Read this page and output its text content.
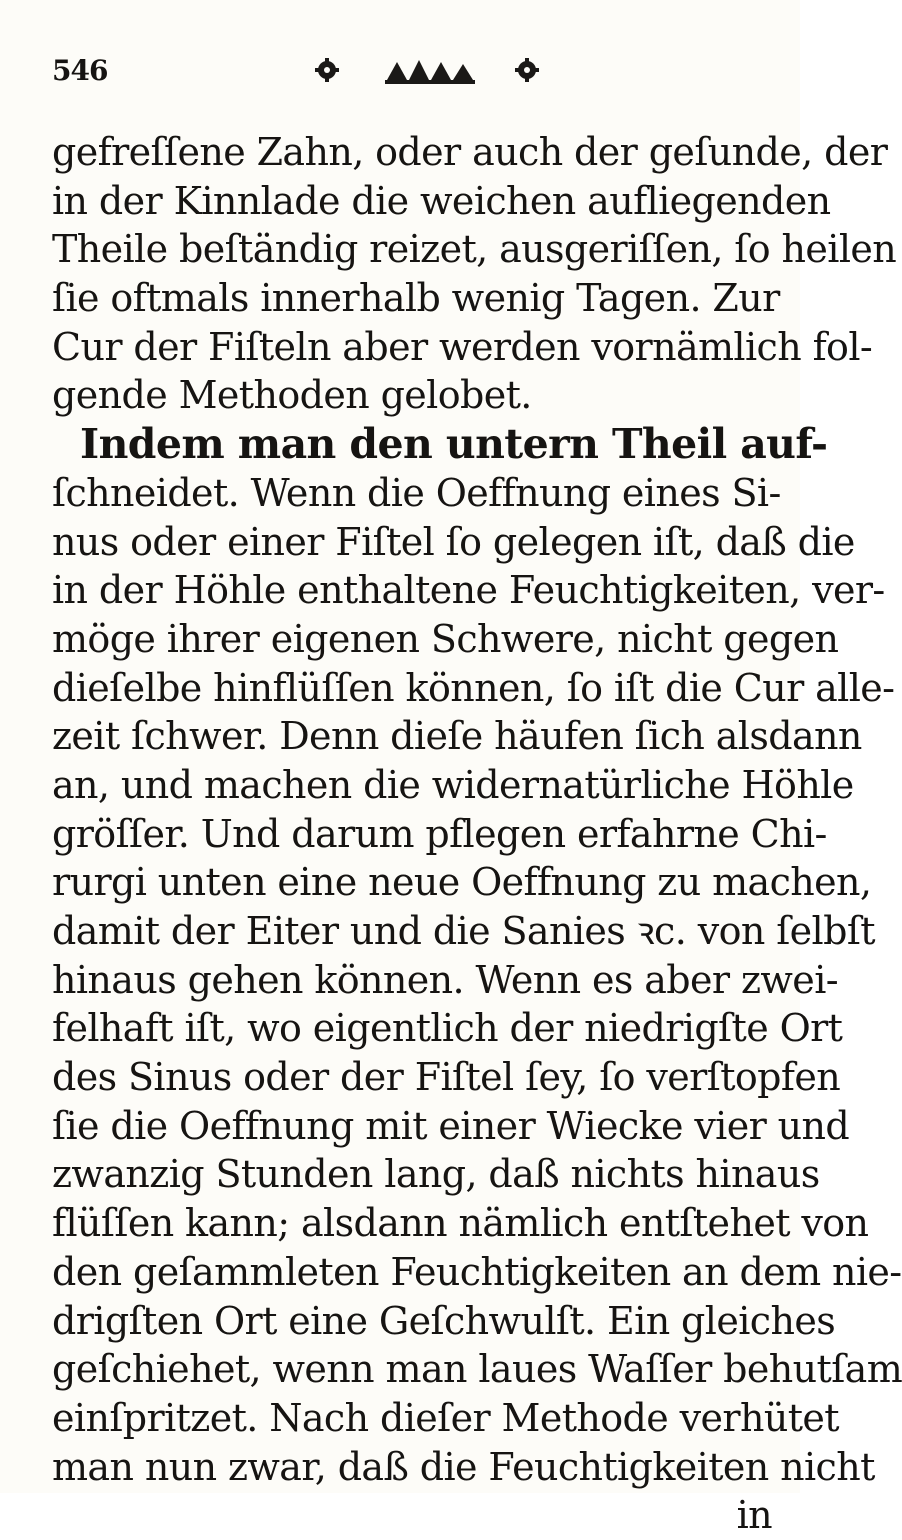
546
gefreſſene Zahn, oder auch der geſunde, der
in der Kinnlade die weichen aufliegenden
Theile beſtändig reizet, ausgeriſſen, ſo heilen
ſie oftmals innerhalb wenig Tagen. Zur
Cur der Fiſteln aber werden vornämlich fol-
gende Methoden gelobet.
Indem man den untern Theil auf-
ſchneidet. Wenn die Oeffnung eines Si-
nus oder einer Fiſtel ſo gelegen iſt, daß die
in der Höhle enthaltene Feuchtigkeiten, ver-
möge ihrer eigenen Schwere, nicht gegen
dieſelbe hinflüſſen können, ſo iſt die Cur alle-
zeit ſchwer. Denn dieſe häufen ſich alsdann
an, und machen die widernatürliche Höhle
gröſſer. Und darum pflegen erfahrne Chi-
rurgi unten eine neue Oeffnung zu machen,
damit der Eiter und die Sanies ꝛc. von ſelbſt
hinaus gehen können. Wenn es aber zwei-
felhaft iſt, wo eigentlich der niedrigſte Ort
des Sinus oder der Fiſtel ſey, ſo verſtopfen
ſie die Oeffnung mit einer Wiecke vier und
zwanzig Stunden lang, daß nichts hinaus
flüſſen kann; alsdann nämlich entſtehet von
den geſammleten Feuchtigkeiten an dem nie-
drigſten Ort eine Geſchwulſt. Ein gleiches
geſchiehet, wenn man laues Waſſer behutſam
einſpritzet. Nach dieſer Methode verhütet
man nun zwar, daß die Feuchtigkeiten nicht
in
